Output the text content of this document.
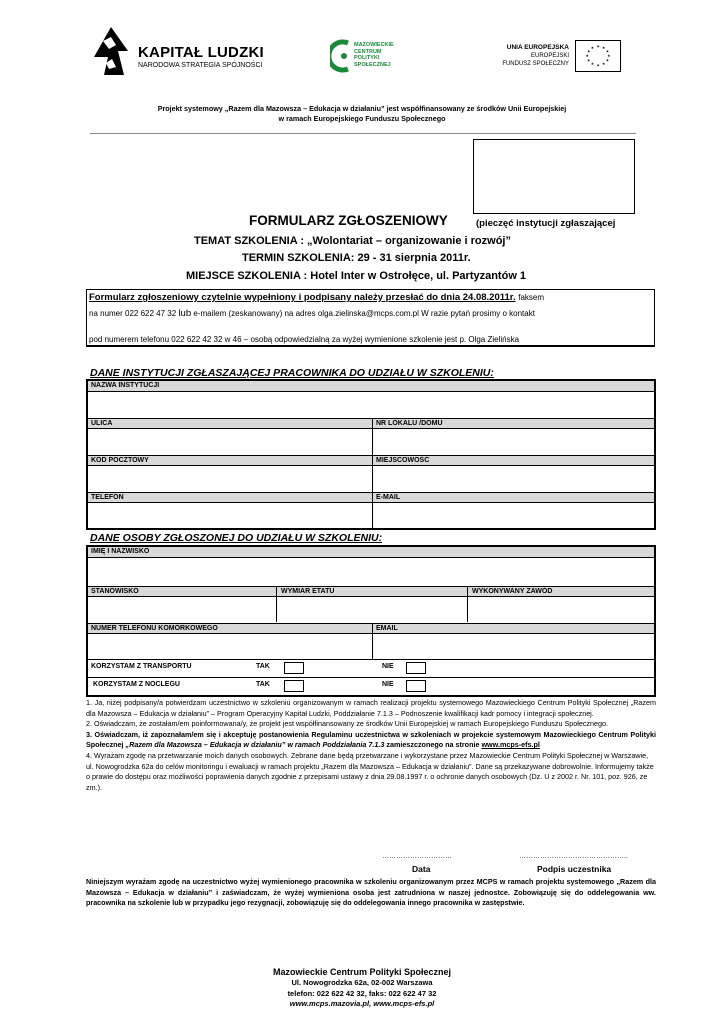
KAPITAŁ LUDZKI
NARODOWA STRATEGIA SPÓJNOŚCI
MAZOWIECKIE
CENTRUM
POLITYKI
SPOŁECZNEJ
UNIA EUROPEJSKA
EUROPEJSKI
FUNDUSZ SPOŁECZNY
★ ★
★
★
★
★
★
★
★
★
★
★
Projekt systemowy „Razem dla Mazowsza – Edukacja w działaniu” jest współfinansowany ze środków Unii Europejskiej
w ramach Europejskiego Funduszu Społecznego
FORMULARZ ZGŁOSZENIOWY	(pieczęć instytucji zgłaszającej
TEMAT SZKOLENIA : „Wolontariat – organizowanie i rozwój”
TERMIN SZKOLENIA: 29 - 31 sierpnia 2011r.
MIEJSCE SZKOLENIA : Hotel Inter w Ostrołęce, ul. Partyzantów 1
Formularz zgłoszeniowy czytelnie wypełniony i podpisany należy przesłać do dnia 24.08.2011r. faksem
na numer 022 622 47 32 lub e-mailem (zeskanowany) na adres olga.zielinska@mcps.com.pl W razie pytań prosimy o kontakt
pod numerem telefonu 022 622 42 32 w 46 – osobą odpowiedzialną za wyżej wymienione szkolenie jest p. Olga Zielińska
DANE INSTYTUCJI ZGŁASZAJĄCEJ PRACOWNIKA DO UDZIAŁU W SZKOLENIU:
NAZWA INSTYTUCJI
ULICA	NR LOKALU /DOMU
KOD POCZTOWY	MIEJSCOWOŚĆ
TELEFON	E-MAIL
DANE OSOBY ZGŁOSZONEJ DO UDZIAŁU W SZKOLENIU:
IMIĘ I NAZWISKO
STANOWISKO	WYMIAR ETATU	WYKONYWANY ZAWÓD
NUMER TELEFONU KOMÓRKOWEGO	EMAIL
KORZYSTAM Z TRANSPORTU	TAK	NIE
KORZYSTAM Z NOCLEGU	TAK	NIE

1. Ja, niżej podpisany/a potwierdzam uczestnictwo w szkoleniu organizowanym w ramach realizacji projektu systemowego Mazowieckiego Centrum Polityki Społecznej „Razem dla Mazowsza – Edukacja w działaniu” – Program Operacyjny Kapitał Ludzki, Poddziałanie 7.1.3 – Podnoszenie kwalifikacji kadr pomocy i integracji społecznej.

2. Oświadczam, że zostałam/em poinformowana/y, że projekt jest współfinansowany ze środków Unii Europejskiej w ramach Europejskiego Funduszu Społecznego.

3. Oświadczam, iż zapoznałam/em się i akceptuję postanowienia Regulaminu uczestnictwa w szkoleniach w projekcie systemowym Mazowieckiego Centrum Polityki Społecznej „Razem dla Mazowsza – Edukacja w działaniu” w ramach Poddziałania 7.1.3 zamieszczonego na stronie www.mcps-efs.pl

4. Wyrażam zgodę na przetwarzanie moich danych osobowych. Zebrane dane będą przetwarzane i wykorzystane przez Mazowieckie Centrum Polityki Społecznej w Warszawie, ul. Nowogrodzka 62a do celów monitoringu i ewaluacji w ramach projektu „Razem dla Mazowsza – Edukacja w działaniu”. Dane są przekazywane dobrowolnie. Informujemy także o prawie do dostępu oraz możliwości poprawienia danych zgodnie z przepisami ustawy z dnia 29.08.1997 r. o ochronie danych osobowych (Dz. U z 2002 r. Nr. 101, poz. 926, ze zm.).

…………………………	………………………………………..
Data	Podpis uczestnika
Niniejszym wyrażam zgodę na uczestnictwo wyżej wymienionego pracownika w szkoleniu organizowanym przez MCPS w ramach projektu systemowego „Razem dla Mazowsza – Edukacja w działaniu” i zaświadczam, że wyżej wymieniona osoba jest zatrudniona w naszej jednostce. Zobowiązuję się do oddelegowania ww. pracownika na szkolenie lub w przypadku jego rezygnacji, zobowiązuję się do oddelegowania innego pracownika w zastępstwie.
Mazowieckie Centrum Polityki Społecznej
Ul. Nowogrodzka 62a, 02-002 Warszawa
telefon: 022 622 42 32, faks: 022 622 47 32
www.mcps.mazovia.pl, www.mcps-efs.pl
